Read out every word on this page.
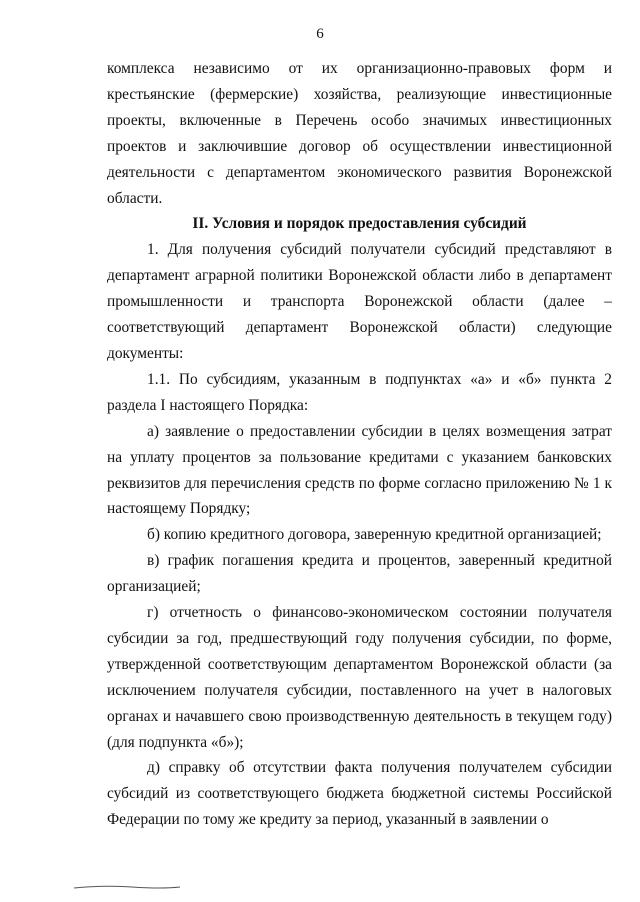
6

комплекса независимо от их организационно-правовых форм и крестьянские (фермерские) хозяйства, реализующие инвестиционные проекты, включенные в Перечень особо значимых инвестиционных проектов и заключившие договор об осуществлении инвестиционной деятельности с департаментом экономического развития Воронежской области.

II. Условия и порядок предоставления субсидий

1. Для получения субсидий получатели субсидий представляют в департамент аграрной политики Воронежской области либо в департамент промышленности и транспорта Воронежской области (далее – соответствующий департамент Воронежской области) следующие документы:

1.1. По субсидиям, указанным в подпунктах «а» и «б» пункта 2 раздела I настоящего Порядка:

а) заявление о предоставлении субсидии в целях возмещения затрат на уплату процентов за пользование кредитами с указанием банковских реквизитов для перечисления средств по форме согласно приложению № 1 к настоящему Порядку;

б) копию кредитного договора, заверенную кредитной организацией;

в) график погашения кредита и процентов, заверенный кредитной организацией;

г) отчетность о финансово-экономическом состоянии получателя субсидии за год, предшествующий году получения субсидии, по форме, утвержденной соответствующим департаментом Воронежской области (за исключением получателя субсидии, поставленного на учет в налоговых органах и начавшего свою производственную деятельность в текущем году) (для подпункта «б»);

д) справку об отсутствии факта получения получателем субсидии субсидий из соответствующего бюджета бюджетной системы Российской Федерации по тому же кредиту за период, указанный в заявлении о
